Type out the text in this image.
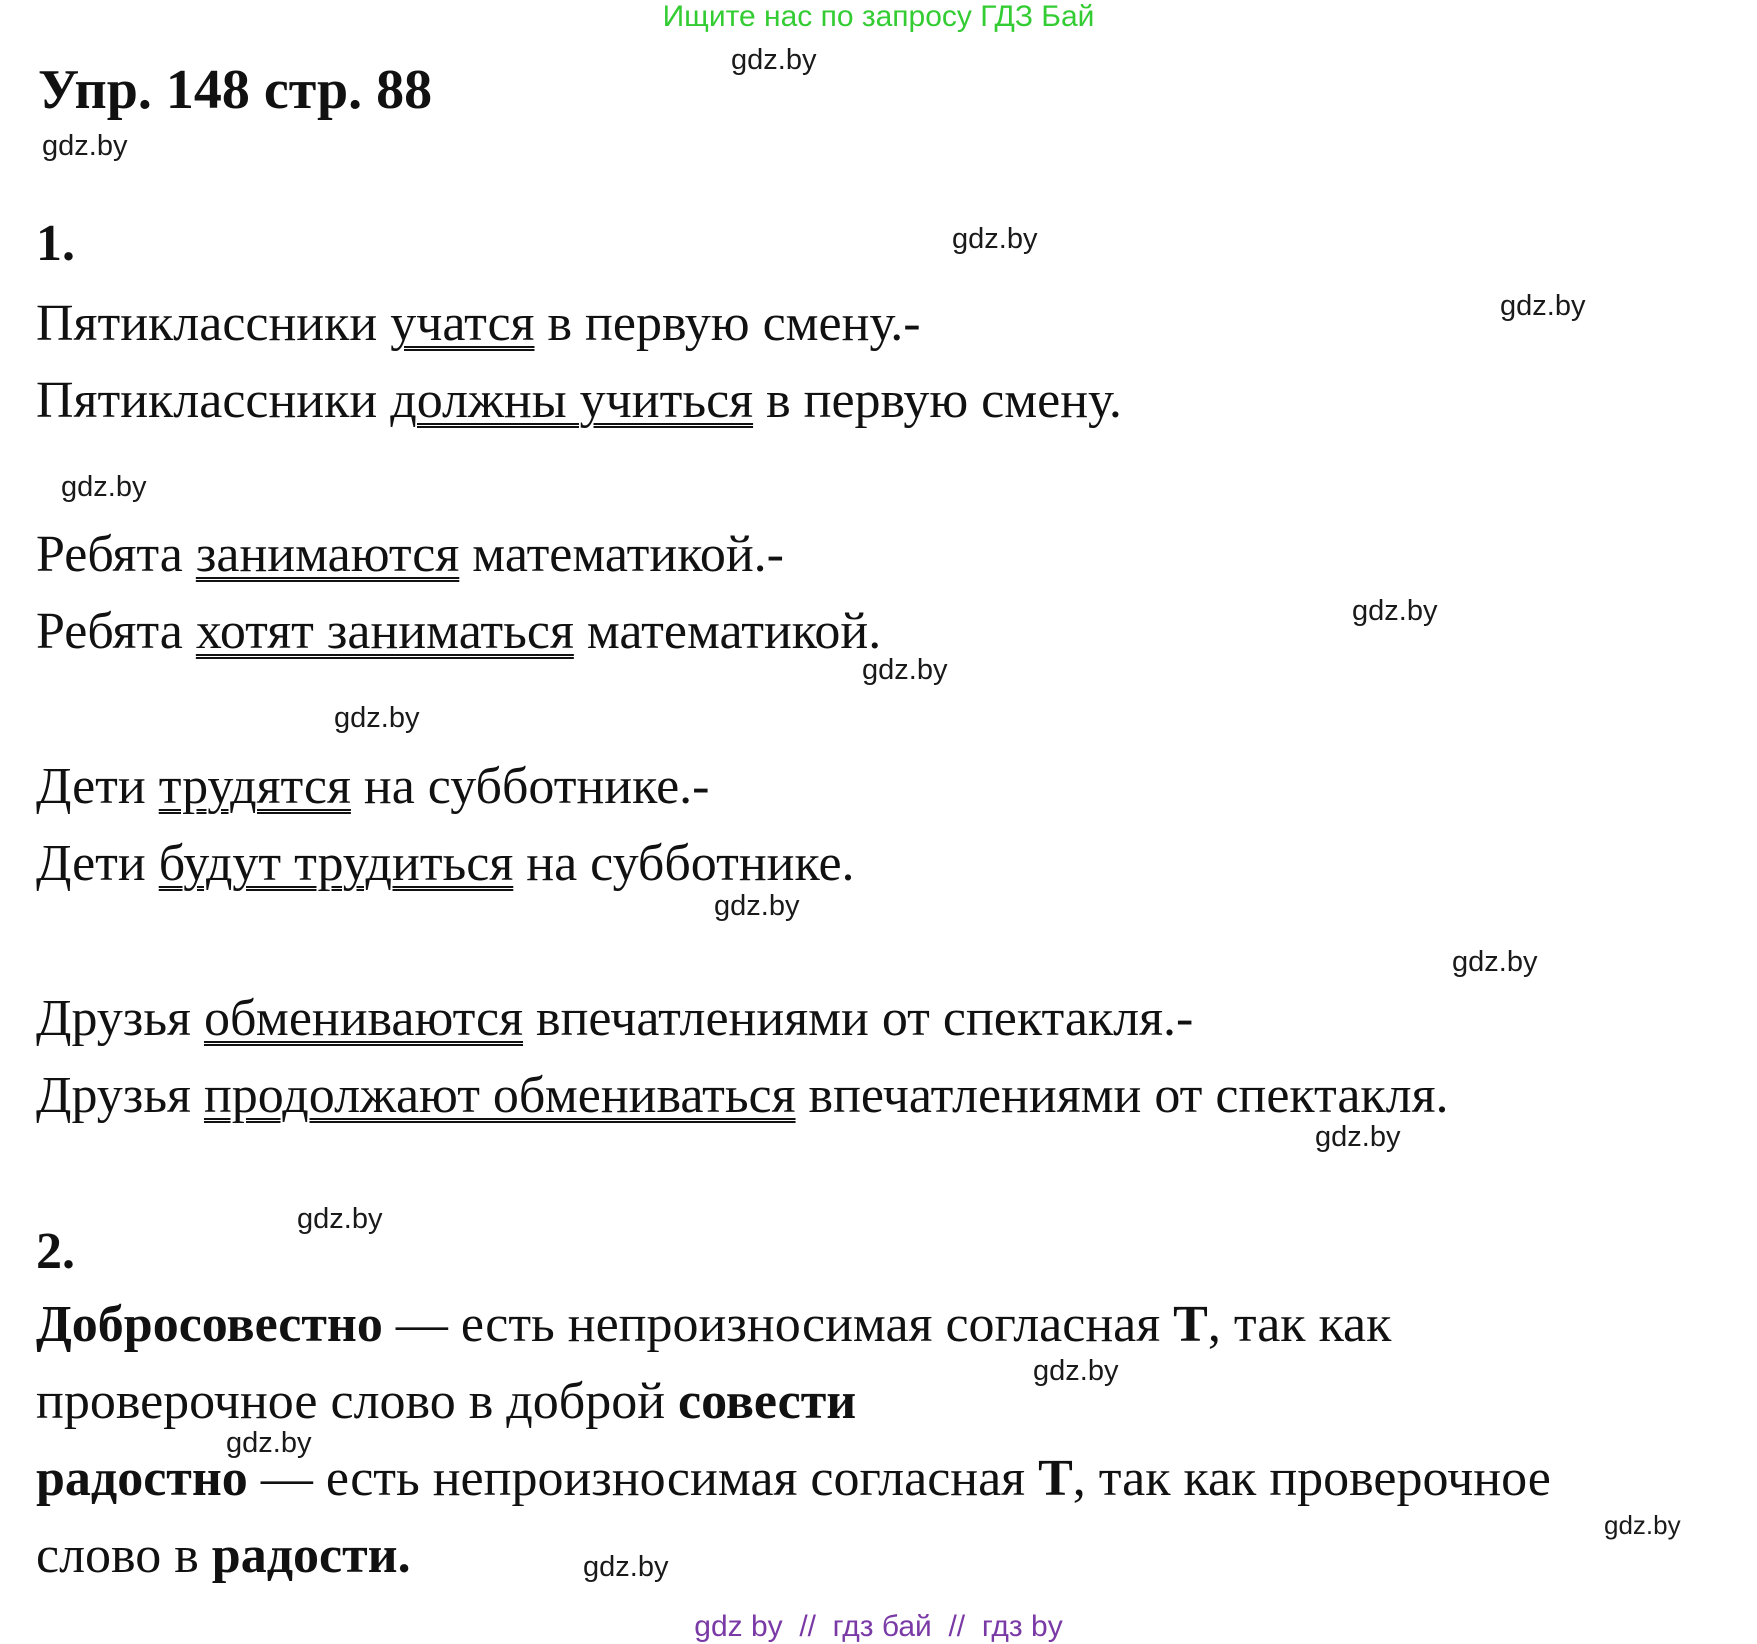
Ищите нас по запросу ГДЗ Бай
Упр. 148 стр. 88	gdz.by
gdz.by
gdz.by
gdz.by
gdz.by
gdz.by
gdz.by
gdz.by
gdz.by
gdz.by
gdz.by
gdz.by
gdz.by
gdz.by
gdz.by
gdz.by
1.
Пятиклассники учатся в первую смену.-
Пятиклассники должны учиться в первую смену.
Ребята занимаются математикой.-
Ребята хотят заниматься математикой.
Дети трудятся на субботнике.-
Дети будут трудиться на субботнике.
Друзья обмениваются впечатлениями от спектакля.-
Друзья продолжают обмениваться впечатлениями от спектакля.
2.
Добросовестно — есть непроизносимая согласная Т, так как
проверочное слово в доброй совести
радостно — есть непроизносимая согласная Т, так как проверочное
слово в радости.
gdz by  //  гдз бай  //  гдз by
